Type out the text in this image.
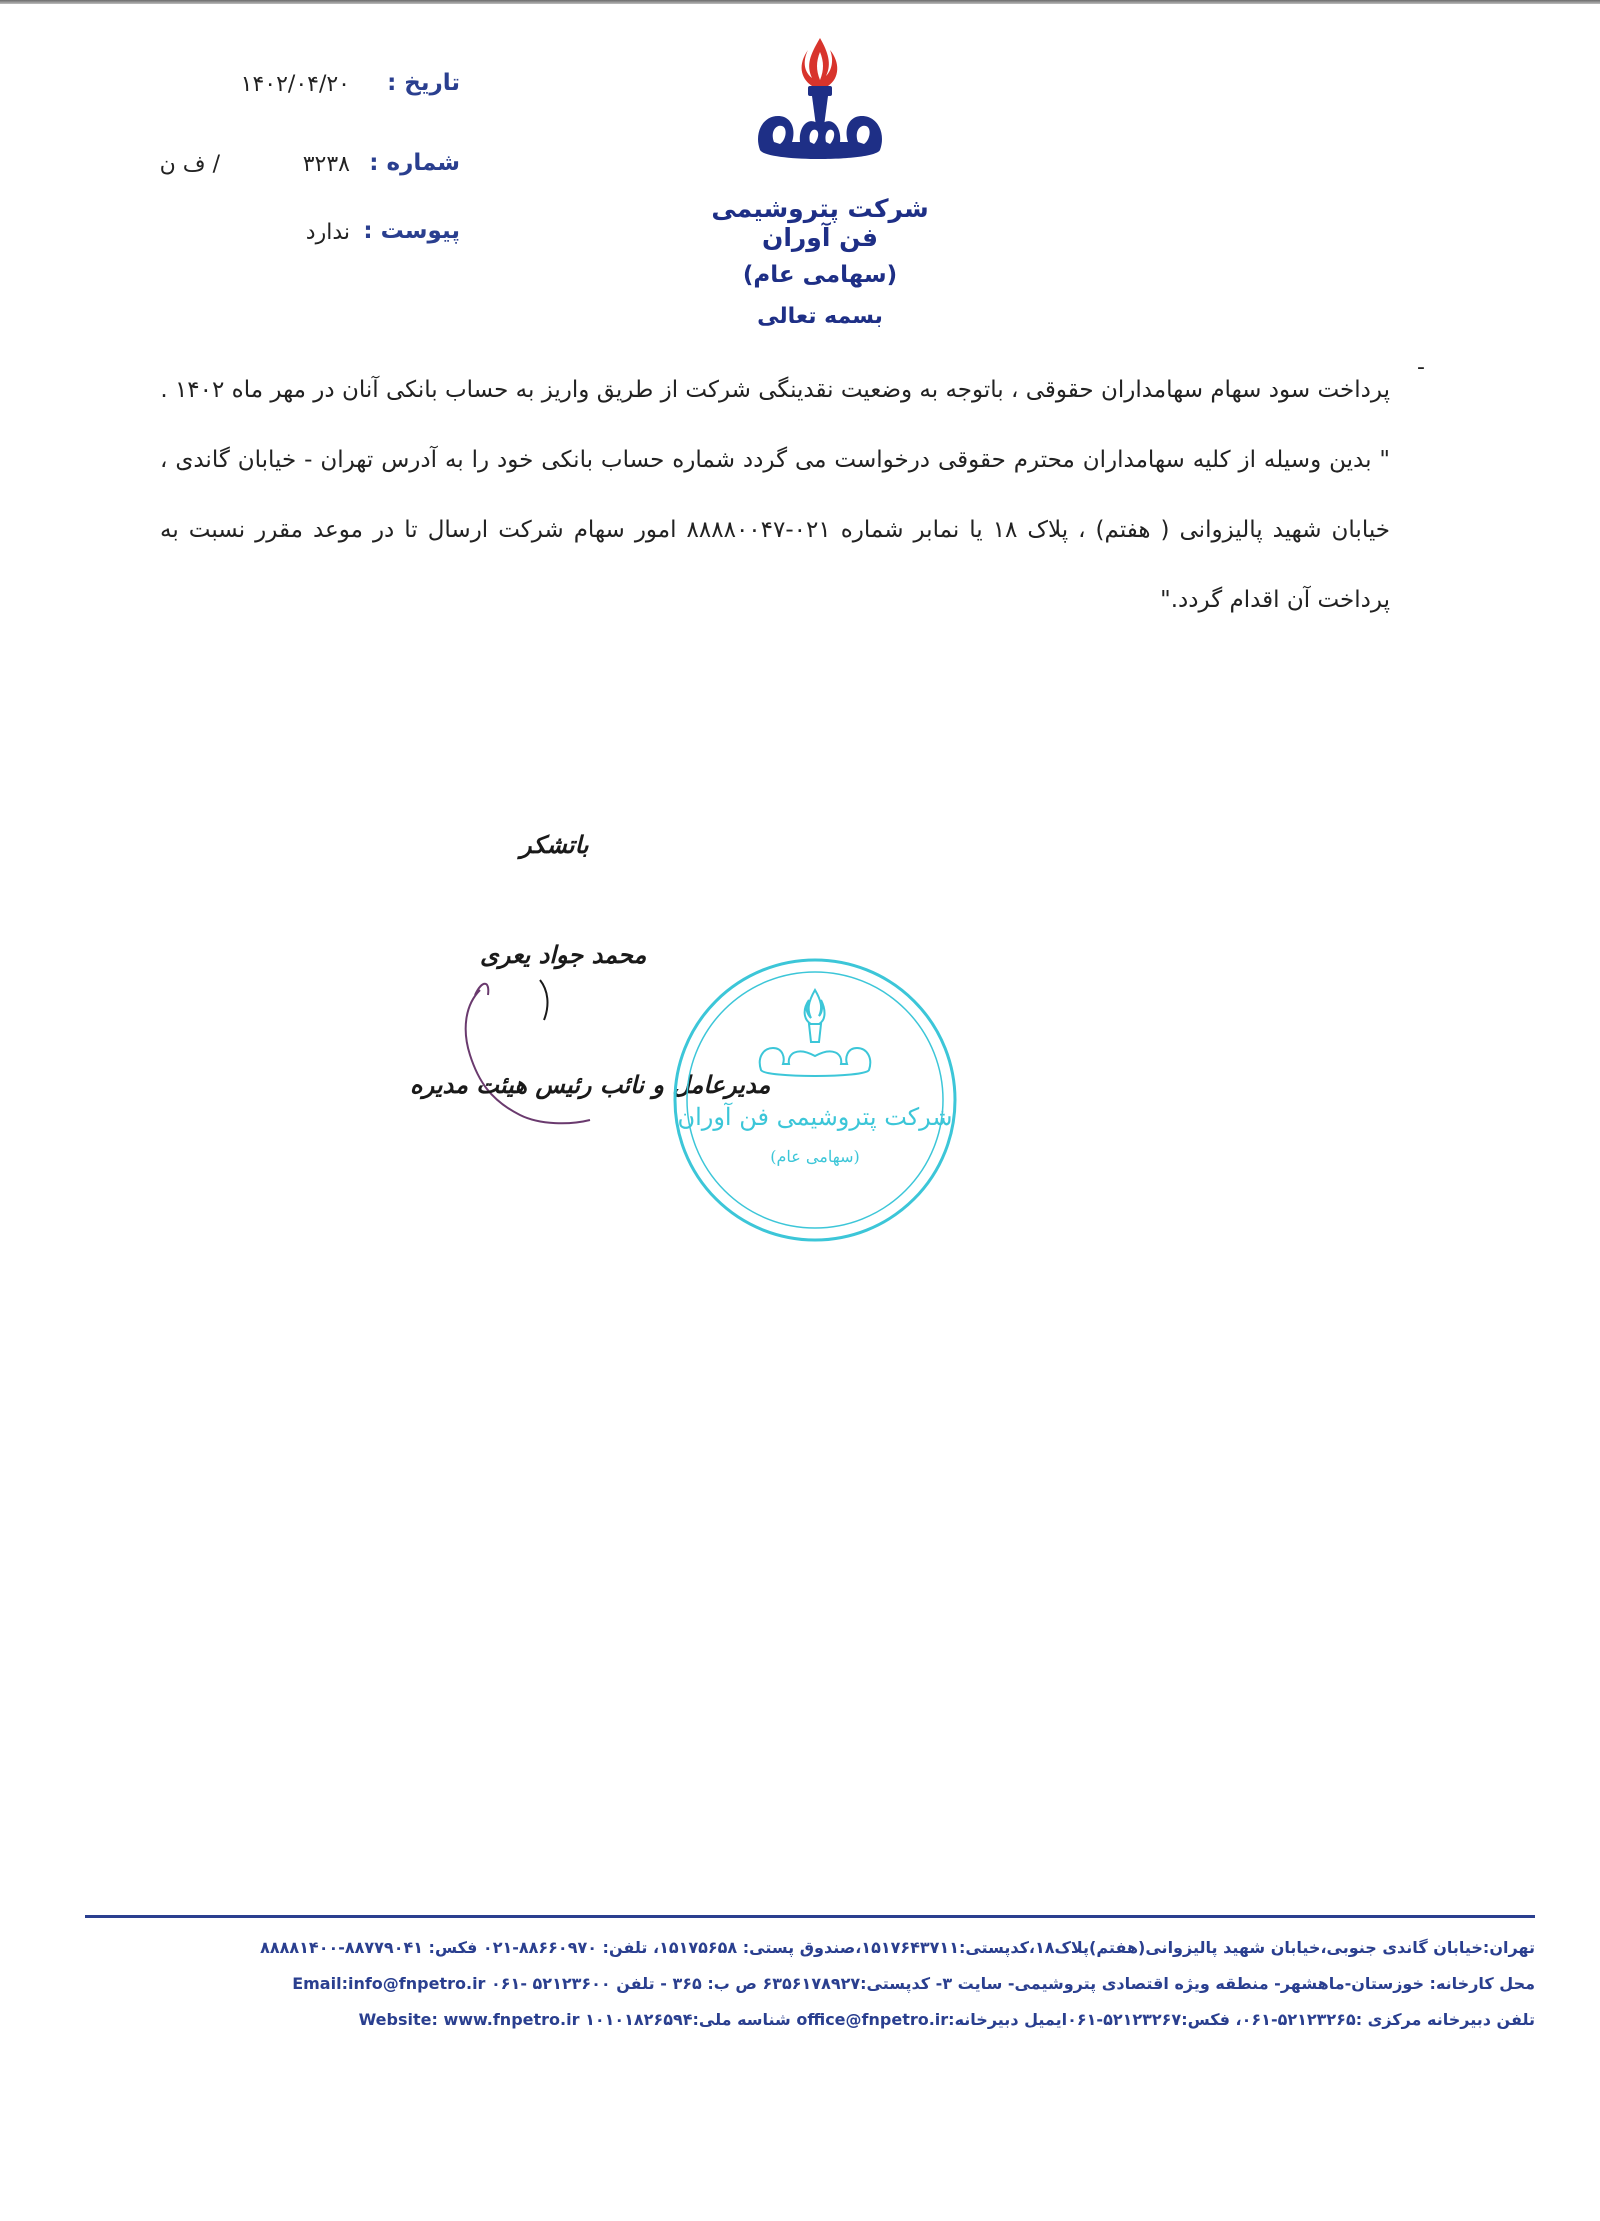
تاریخ :
۱۴۰۲/۰۴/۲۰
شماره :
۳۲۳۸
/ ف ن
پیوست :
ندارد
شرکت پتروشیمی فن آوران
(سهامی عام)
بسمه تعالی
-

پرداخت سود سهام سهامداران حقوقی ، باتوجه به وضعیت نقدینگی شرکت از طریق واریز به حساب بانکی آنان در مهر ماه ۱۴۰۲ .

" بدین وسیله از کلیه سهامداران محترم حقوقی درخواست می گردد شماره حساب بانکی خود را به آدرس تهران - خیابان گاندی ، خیابان شهید پالیزوانی ( هفتم) ، پلاک ۱۸ یا نمابر شماره ۰۲۱-۸۸۸۸۰۰۴۷ امور سهام شرکت ارسال تا در موعد مقرر نسبت به پرداخت آن اقدام گردد."

باتشکر
محمد جواد یعری
مدیرعامل و نائب رئیس هیئت مدیره
شرکت پتروشیمی فن آوران
(سهامی عام)
تهران:خیابان گاندی جنوبی،خیابان شهید پالیزوانی(هفتم)پلاک۱۸،کدپستی:۱۵۱۷۶۴۳۷۱۱،صندوق پستی: ۱۵۱۷۵۶۵۸، تلفن: ۸۸۶۶۰۹۷۰-۰۲۱ فکس: ۸۸۷۷۹۰۴۱-۸۸۸۸۱۴۰۰
محل کارخانه: خوزستان-ماهشهر- منطقه ویژه اقتصادی پتروشیمی- سایت ۳- کدپستی:۶۳۵۶۱۷۸۹۲۷ ص ب: ۳۶۵ - تلفن ۵۲۱۲۳۶۰۰ -۰۶۱ Email:info@fnpetro.ir
تلفن دبیرخانه مرکزی :۵۲۱۲۳۲۶۵-۰۶۱، فکس:۵۲۱۲۳۲۶۷-۰۶۱ایمیل دبیرخانه:office@fnpetro.ir شناسه ملی:۱۰۱۰۱۸۲۶۵۹۴ Website: www.fnpetro.ir
